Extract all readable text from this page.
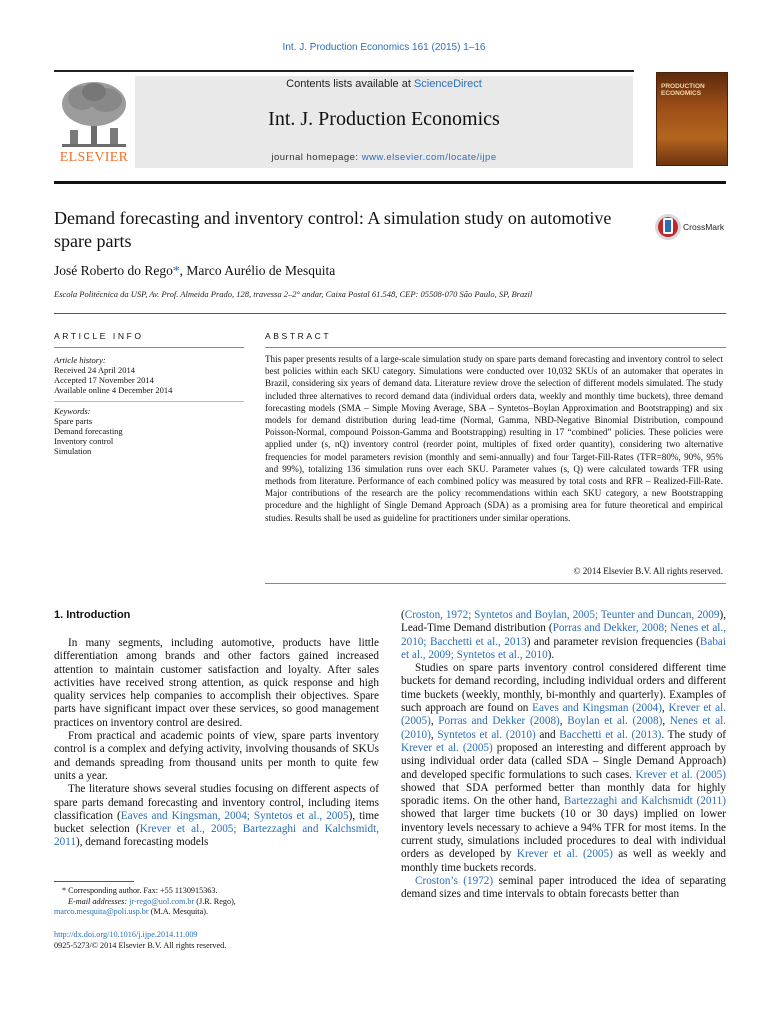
Int. J. Production Economics 161 (2015) 1–16
ELSEVIER
Contents lists available at ScienceDirect
Int. J. Production Economics
journal homepage: www.elsevier.com/locate/ijpe
PRODUCTION ECONOMICS
Demand forecasting and inventory control: A simulation study on automotive spare parts
CrossMark
José Roberto do Rego*, Marco Aurélio de Mesquita
Escola Politécnica da USP, Av. Prof. Almeida Prado, 128, travessa 2–2° andar, Caixa Postal 61.548, CEP: 05508-070 São Paulo, SP, Brazil
ARTICLE INFO
Article history:
Received 24 April 2014
Accepted 17 November 2014
Available online 4 December 2014
Keywords:
Spare parts
Demand forecasting
Inventory control
Simulation
ABSTRACT
This paper presents results of a large-scale simulation study on spare parts demand forecasting and inventory control to select best policies within each SKU category. Simulations were conducted over 10,032 SKUs of an automaker that operates in Brazil, considering six years of demand data. Literature review drove the selection of different models simulated. The study included three alternatives to record demand data (individual orders data, weekly and monthly time buckets), three demand forecasting models (SMA – Simple Moving Average, SBA – Syntetos–Boylan Approximation and Bootstrapping) and six models for demand distribution during lead-time (Normal, Gamma, NBD-Negative Binomial Distribution, compound Poisson-Normal, compound Poisson-Gamma and Bootstrapping) resulting in 17 “combined” policies. These policies were applied under (s, nQ) inventory control (reorder point, multiples of fixed order quantity), considering two alternative frequencies for model parameters revision (monthly and semi-annually) and four Target-Fill-Rates (TFR=80%, 90%, 95% and 99%), totalizing 136 simulation runs over each SKU. Parameter values (s, Q) were calculated towards TFR using methods from literature. Performance of each combined policy was measured by total costs and RFR – Realized-Fill-Rate. Major contributions of the research are the policy recommendations within each SKU category, a new Bootstrapping procedure and the highlight of Single Demand Approach (SDA) as a promising area for future theoretical and empirical studies. Results shall be used as guideline for practitioners under similar operations.
© 2014 Elsevier B.V. All rights reserved.
1. Introduction

In many segments, including automotive, products have little differentiation among brands and other factors gained increased attention to maintain customer satisfaction and loyalty. After sales activities have received strong attention, as quick response and high quality services help companies to accomplish their objectives. Spare parts have significant impact over these services, so good management practices on inventory control are desired.

From practical and academic points of view, spare parts inventory control is a complex and defying activity, involving thousands of SKUs and demands spreading from thousand units per month to quite few units a year.

The literature shows several studies focusing on different aspects of spare parts demand forecasting and inventory control, including items classification (Eaves and Kingsman, 2004; Syntetos et al., 2005), time bucket selection (Krever et al., 2005; Bartezzaghi and Kalchsmidt, 2011), demand forecasting models

(Croston, 1972; Syntetos and Boylan, 2005; Teunter and Duncan, 2009), Lead-Time Demand distribution (Porras and Dekker, 2008; Nenes et al., 2010; Bacchetti et al., 2013) and parameter revision frequencies (Babai et al., 2009; Syntetos et al., 2010).

Studies on spare parts inventory control considered different time buckets for demand recording, including individual orders and different time buckets (weekly, monthly, bi-monthly and quarterly). Examples of such approach are found on Eaves and Kingsman (2004), Krever et al. (2005), Porras and Dekker (2008), Boylan et al. (2008), Nenes et al. (2010), Syntetos et al. (2010) and Bacchetti et al. (2013). The study of Krever et al. (2005) proposed an interesting and different approach by using individual order data (called SDA – Single Demand Approach) and developed specific formulations to such cases. Krever et al. (2005) showed that SDA performed better than monthly data for highly sporadic items. On the other hand, Bartezzaghi and Kalchsmidt (2011) showed that larger time buckets (10 or 30 days) implied on lower inventory levels necessary to achieve a 94% TFR for most items. In the current study, simulations included procedures to deal with individual orders as developed by Krever et al. (2005) as well as weekly and monthly time buckets records.

Croston’s (1972) seminal paper introduced the idea of separating demand sizes and time intervals to obtain forecasts better than

* Corresponding author. Fax: +55 1130915363.
E-mail addresses: jr-rego@uol.com.br (J.R. Rego),
marco.mesquita@poli.usp.br (M.A. Mesquita).
http://dx.doi.org/10.1016/j.ijpe.2014.11.009
0925-5273/© 2014 Elsevier B.V. All rights reserved.
